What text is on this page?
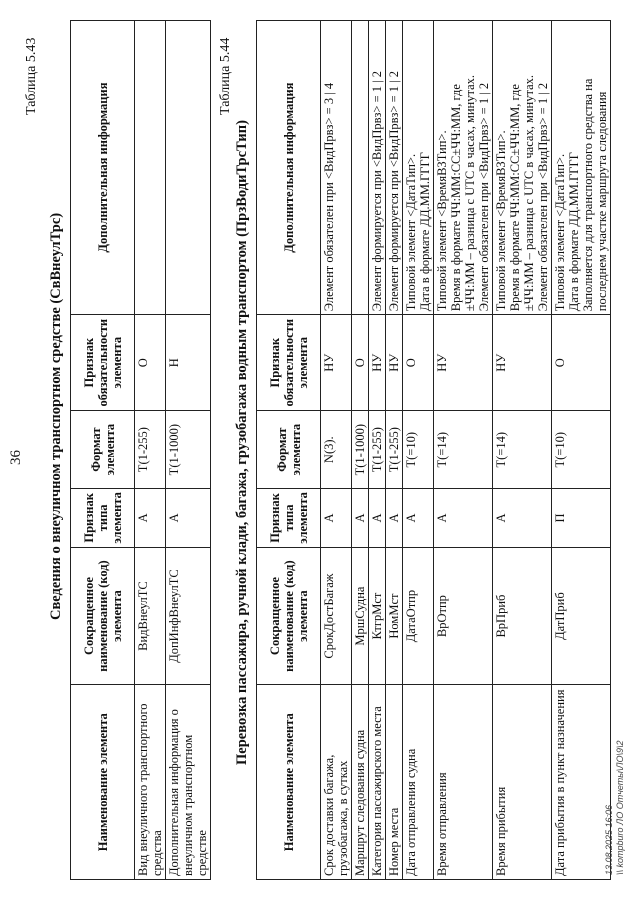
36
Таблица 5.43
Сведения о внеуличном транспортном средстве (СвВнеулТрс)
Наименование элемента	Сокращенное наименование (код) элемента	Признак типа элемента	Формат элемента	Признак обязательности элемента	Дополнительная информация
Вид внеуличного транспортного средства	ВидВнеулТС	А	Т(1-255)	О	
Дополнительная информация о внеуличном транспортном средстве	ДопИнфВнеулТС	А	Т(1-1000)	Н	
Таблица 5.44
Перевозка пассажира, ручной клади, багажа, грузобагажа водным транспортом (ПрзВодиТрсТип)
Наименование элемента	Сокращенное наименование (код) элемента	Признак типа элемента	Формат элемента	Признак обязательности элемента	Дополнительная информация
Срок доставки багажа, грузобагажа, в сутках	СрокДостБагаж	А	N(3).	НУ	Элемент обязателен при <ВидПрвз> = 3 | 4
Маршрут следования судна	МршСудна	А	Т(1-1000)	О	
Категория пассажирского места	КтгрМст	А	Т(1-255)	НУ	Элемент формируется при <ВидПрвз> = 1 | 2
Номер места	НомМст	А	Т(1-255)	НУ	Элемент формируется при <ВидПрвз> = 1 | 2
Дата отправления судна	ДатаОтпр	А	Т(=10)	О	Типовой элемент <ДатаТип>.
Дата в формате ДД.ММ.ГГГГ
Время отправления	ВрОтпр	А	Т(=14)	НУ	Типовой элемент <ВремяВЗТип>.
Время в формате ЧЧ:ММ:СС±ЧЧ:ММ, где
±ЧЧ:ММ – разница с UTC в часах, минутах.
Элемент обязателен при <ВидПрвз> = 1 | 2
Время прибытия	ВрПриб	А	Т(=14)	НУ	Типовой элемент <ВремяВЗТип>.
Время в формате ЧЧ:ММ:СС±ЧЧ:ММ, где
±ЧЧ:ММ – разница с UTC в часах, минутах.
Элемент обязателен при <ВидПрвз> = 1 | 2
Дата прибытия в пункт назначения	ДатПриб	П	Т(=10)	О	Типовой элемент <ДатаТип>.
Дата в формате ДД.ММ.ГГГГ
Заполняется для транспортного средства на последнем участке маршрута следования
13.08.2025 16:06 \\ kompburo ЛО Отчеты\ЛО\9\2
